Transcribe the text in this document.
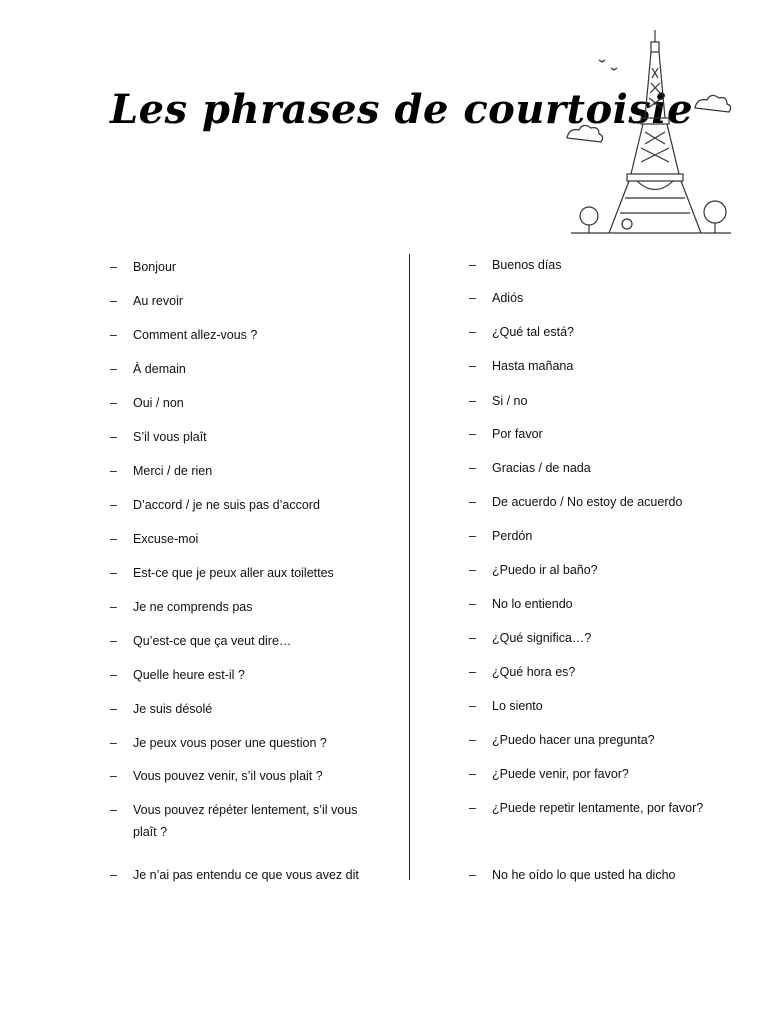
Les phrases de courtoisie
– Bonjour
– Au revoir
– Comment allez-vous ?
– À demain
– Oui / non
– S’il vous plaît
– Merci / de rien
– D’accord / je ne suis pas d’accord
– Excuse-moi
– Est-ce que je peux aller aux toilettes
– Je ne comprends pas
– Qu’est-ce que ça veut dire…
– Quelle heure est-il ?
– Je suis désolé
– Je peux vous poser une question ?
– Vous pouvez venir, s’il vous plait ?
– Vous pouvez répéter lentement, s’il vous plaît ?
– Je n’ai pas entendu ce que vous avez dit
– Buenos días
– Adiós
– ¿Qué tal está?
– Hasta mañana
– Si / no
– Por favor
– Gracias / de nada
– De acuerdo / No estoy de acuerdo
– Perdón
– ¿Puedo ir al baño?
– No lo entiendo
– ¿Qué significa…?
– ¿Qué hora es?
– Lo siento
– ¿Puedo hacer una pregunta?
– ¿Puede venir, por favor?
– ¿Puede repetir lentamente, por favor?
– No he oído lo que usted ha dicho
